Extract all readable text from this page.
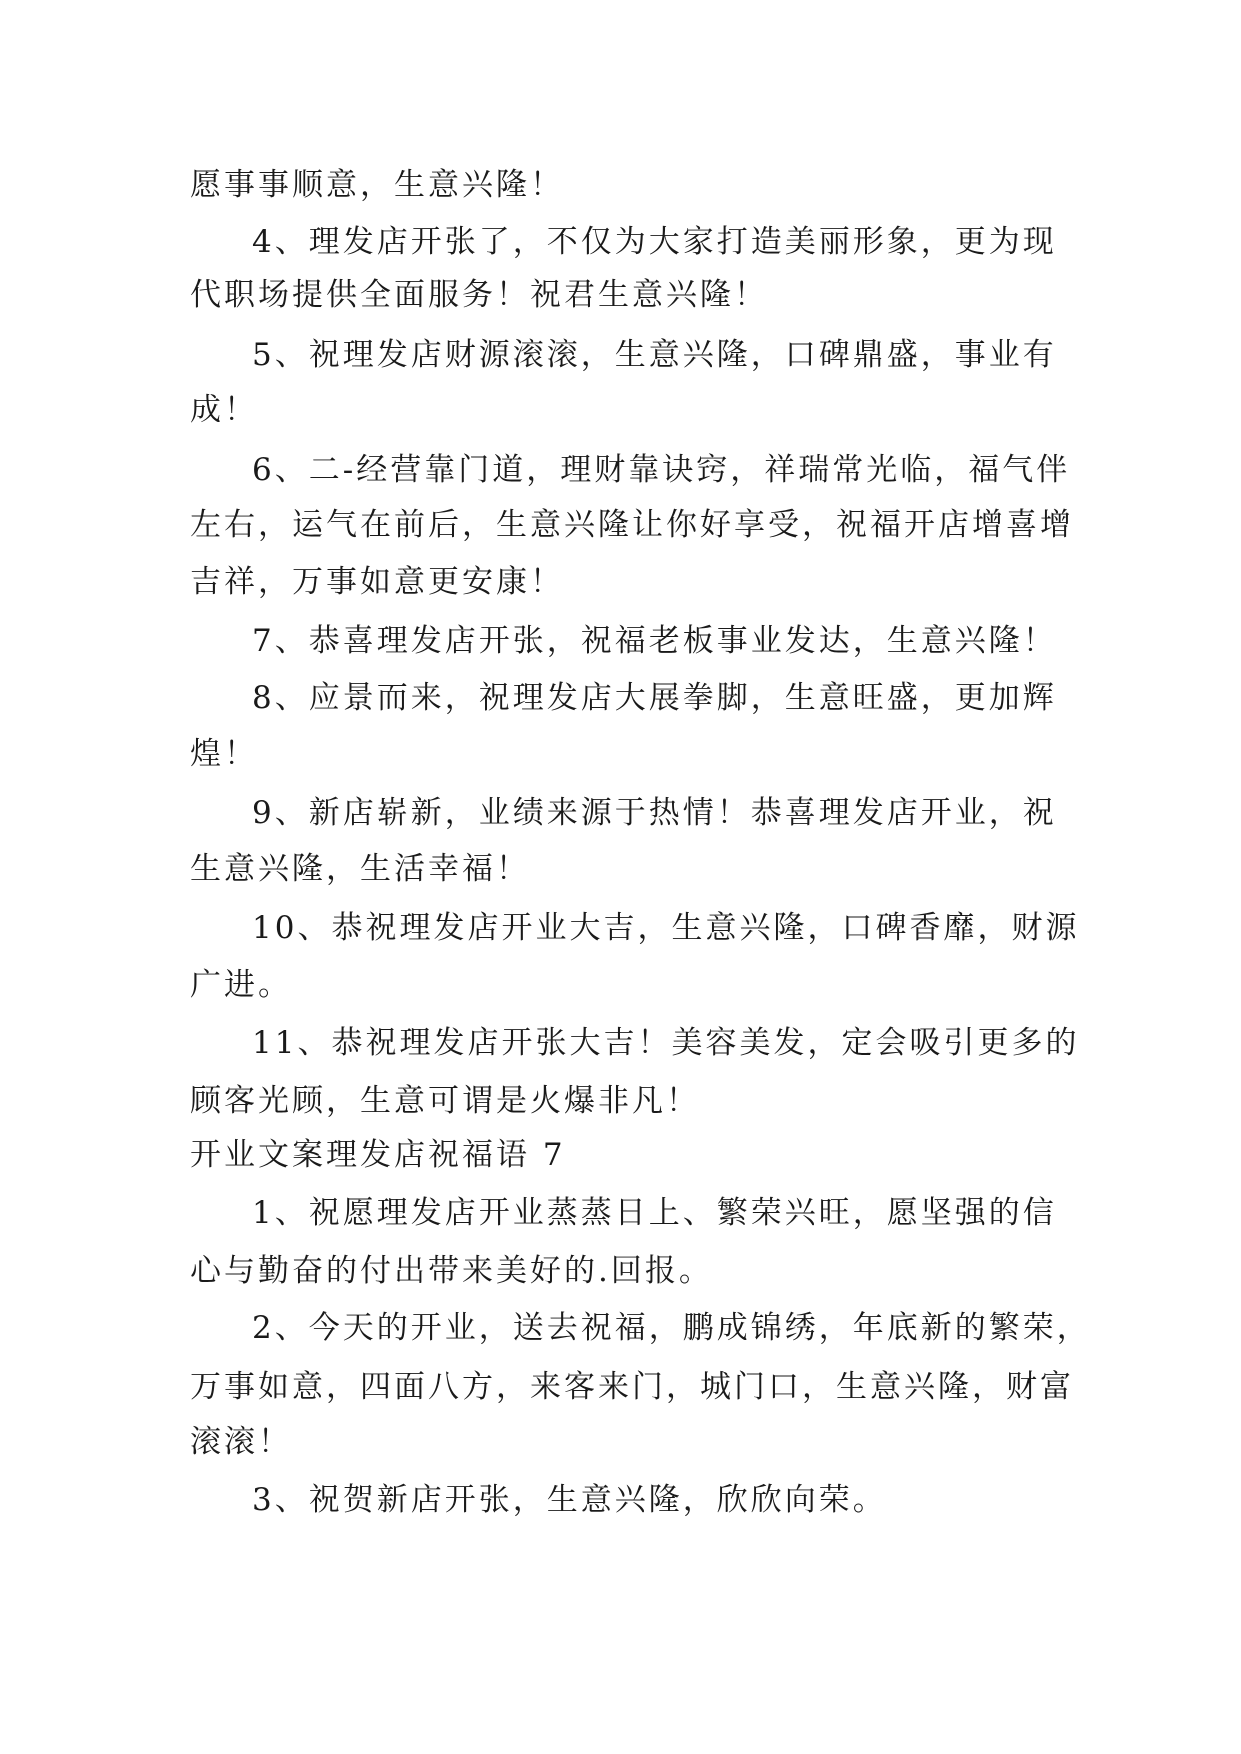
愿事事顺意，生意兴隆！
4、理发店开张了，不仅为大家打造美丽形象，更为现
代职场提供全面服务！祝君生意兴隆！
5、祝理发店财源滚滚，生意兴隆，口碑鼎盛，事业有
成！
6、二-经营靠门道，理财靠诀窍，祥瑞常光临，福气伴
左右，运气在前后，生意兴隆让你好享受，祝福开店增喜增
吉祥，万事如意更安康！
7、恭喜理发店开张，祝福老板事业发达，生意兴隆！
8、应景而来，祝理发店大展拳脚，生意旺盛，更加辉
煌！
9、新店崭新，业绩来源于热情！恭喜理发店开业，祝
生意兴隆，生活幸福！
10、恭祝理发店开业大吉，生意兴隆，口碑香靡，财源
广进。
11、恭祝理发店开张大吉！美容美发，定会吸引更多的
顾客光顾，生意可谓是火爆非凡！
开业文案理发店祝福语 7
1、祝愿理发店开业蒸蒸日上、繁荣兴旺，愿坚强的信
心与勤奋的付出带来美好的.回报。
2、今天的开业，送去祝福，鹏成锦绣，年底新的繁荣，
万事如意，四面八方，来客来门，城门口，生意兴隆，财富
滚滚！
3、祝贺新店开张，生意兴隆，欣欣向荣。
